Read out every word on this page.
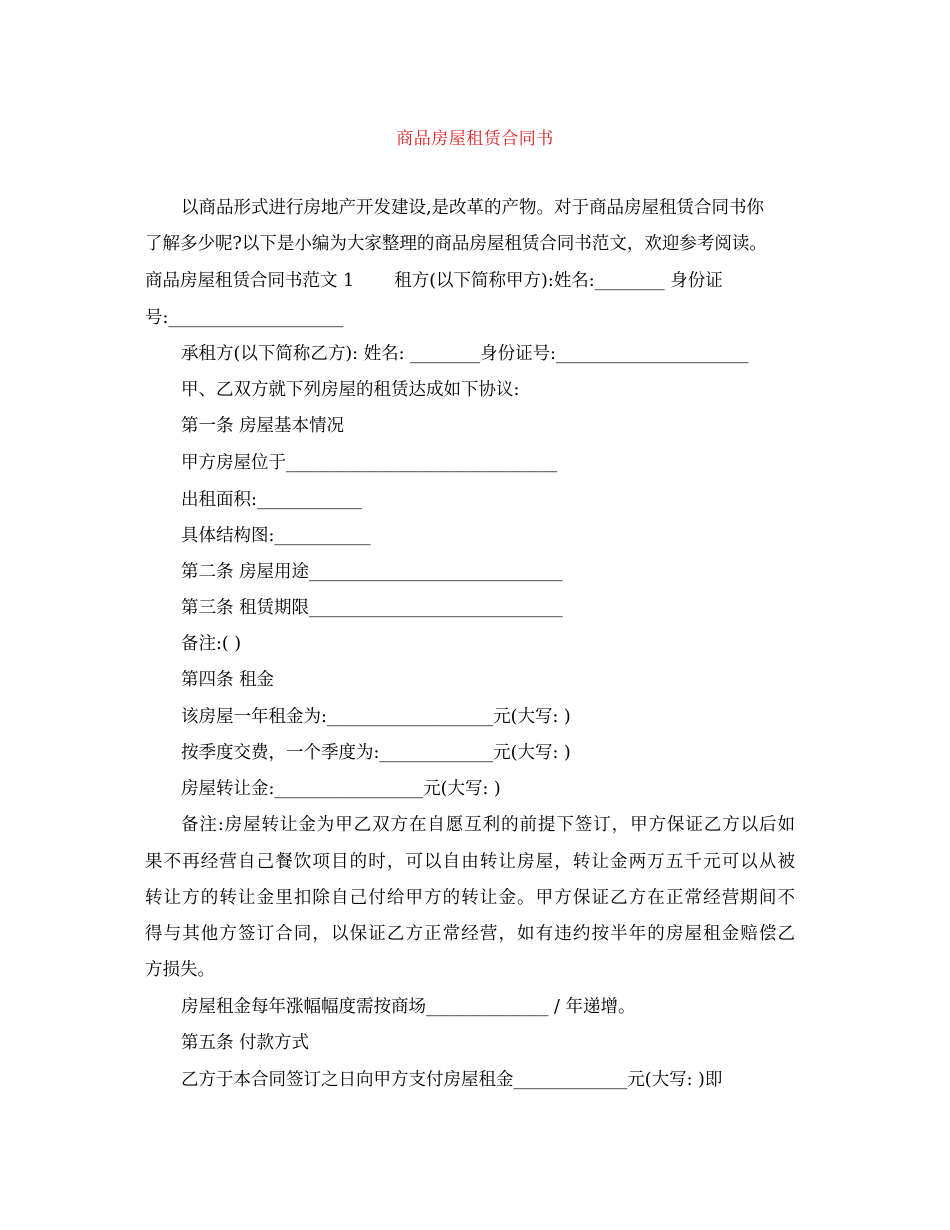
商品房屋租赁合同书
以商品形式进行房地产开发建设,是改革的产物。对于商品房屋租赁合同书你
了解多少呢?以下是小编为大家整理的商品房屋租赁合同书范文，欢迎参考阅读。
商品房屋租赁合同书范文 1 租方(以下简称甲方):姓名:________ 身份证
号:____________________
承租方(以下简称乙方): 姓名: ________身份证号:______________________
甲、乙双方就下列房屋的租赁达成如下协议:
第一条 房屋基本情况
甲方房屋位于_______________________________
出租面积:____________
具体结构图:___________
第二条 房屋用途_____________________________
第三条 租赁期限_____________________________
备注:( )
第四条 租金
该房屋一年租金为:___________________元(大写: )
按季度交费，一个季度为:_____________元(大写: )
房屋转让金:_________________元(大写: )
备注:房屋转让金为甲乙双方在自愿互利的前提下签订，甲方保证乙方以后如
果不再经营自己餐饮项目的时，可以自由转让房屋，转让金两万五千元可以从被
转让方的转让金里扣除自己付给甲方的转让金。甲方保证乙方在正常经营期间不
得与其他方签订合同，以保证乙方正常经营，如有违约按半年的房屋租金赔偿乙
方损失。
房屋租金每年涨幅幅度需按商场______________ / 年递增。
第五条 付款方式
乙方于本合同签订之日向甲方支付房屋租金_____________元(大写: )即
